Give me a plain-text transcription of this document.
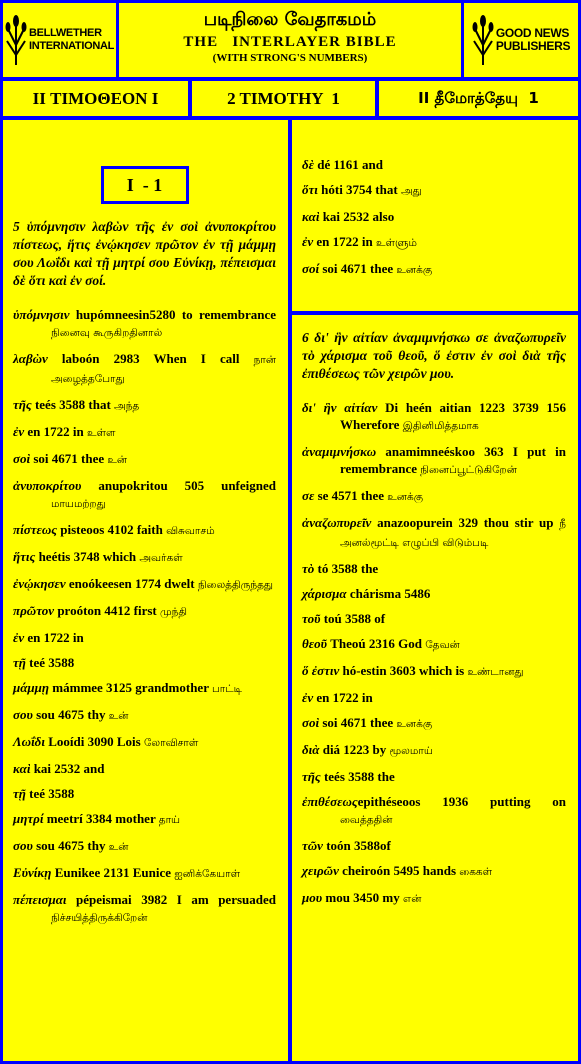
BELLWETHER
INTERNATIONAL
படிநிலை வேதாகமம்
THE   INTERLAYER BIBLE
(WITH STRONG'S NUMBERS)
GOOD NEWS
PUBLISHERS
II ΤΙΜΟΘΕΟΝ Ι	2 TIMOTHY  1	II தீமோத்தேயு  1
I  - 1
5 ὑπόμνησιν λαβὼν τῆς ἐν σοὶ ἀνυποκρίτου πίστεως, ἥτις ἐνῴκησεν πρῶτον ἐν τῇ μάμμῃ σου Λωΐδι καὶ τῇ μητρί σου Εὐνίκῃ, πέπεισμαι δὲ ὅτι καὶ ἐν σοί.
ὑπόμνησιν hupómneesin5280 to remembrance நினைவு கூருகிறதினால்
λαβὼν laboón 2983 When I call நான் அழைத்தபோது
τῆς teés 3588 that அந்த
ἐν en 1722 in உள்ள
σοὶ soi 4671 thee உன்
ἀνυποκρίτου anupokritou 505 unfeigned மாயமற்றது
πίστεως pisteoos 4102 faith விசுவாசம்
ἥτις heétis 3748 which அவர்கள்
ἐνῴκησεν enoókeesen 1774 dwelt நிலைத்திருந்தது
πρῶτον proóton 4412 first முந்தி
ἐν en 1722 in
τῇ teé 3588
μάμμῃ mámmee 3125 grandmother பாட்டி
σου sou 4675 thy உன்
Λωΐδι Looídi 3090 Lois லோவிசாள்
καὶ kai 2532 and
τῇ teé 3588
μητρί meetrí 3384 mother தாய்
σου sou 4675 thy உன்
Εὐνίκῃ Eunikee 2131 Eunice ஐனிக்கேயாள்
πέπεισμαι pépeismai 3982 I am persuaded நிச்சயித்திருக்கிறேன்
δὲ dé 1161 and
ὅτι hóti 3754 that அது
καὶ kai 2532 also
ἐν en 1722 in உள்ளும்
σοί soi 4671 thee உனக்கு
6 δι' ἣν αἰτίαν ἀναμιμνήσκω σε ἀναζωπυρεῖν τὸ χάρισμα τοῦ θεοῦ, ὅ ἐστιν ἐν σοὶ διὰ τῆς ἐπιθέσεως τῶν χειρῶν μου.
δι' ἣν αἰτίαν Di heén aitian 1223 3739 156 Wherefore இதினிமித்தமாக
ἀναμιμνήσκω anamimneéskoo 363 I put in remembrance நினைப்பூட்டுகிறேன்
σε se 4571 thee உனக்கு
ἀναζωπυρεῖν anazoopurein 329 thou stir up நீ அனல்மூட்டி எழுப்பி விடும்படி
τὸ tó 3588 the
χάρισμα chárisma 5486
τοῦ toú 3588 of
θεοῦ Theoú 2316 God தேவன்
ὅ ἐστιν hó-estin 3603 which is உண்டானது
ἐν en 1722 in
σοὶ soi 4671 thee உனக்கு
διὰ diá 1223 by மூலமாய்
τῆς teés 3588 the
ἐπιθέσεωςepithéseoos 1936 putting on வைத்ததின்
τῶν toón 3588of
χειρῶν cheiroón 5495 hands கைகள்
μου mou 3450 my என்
